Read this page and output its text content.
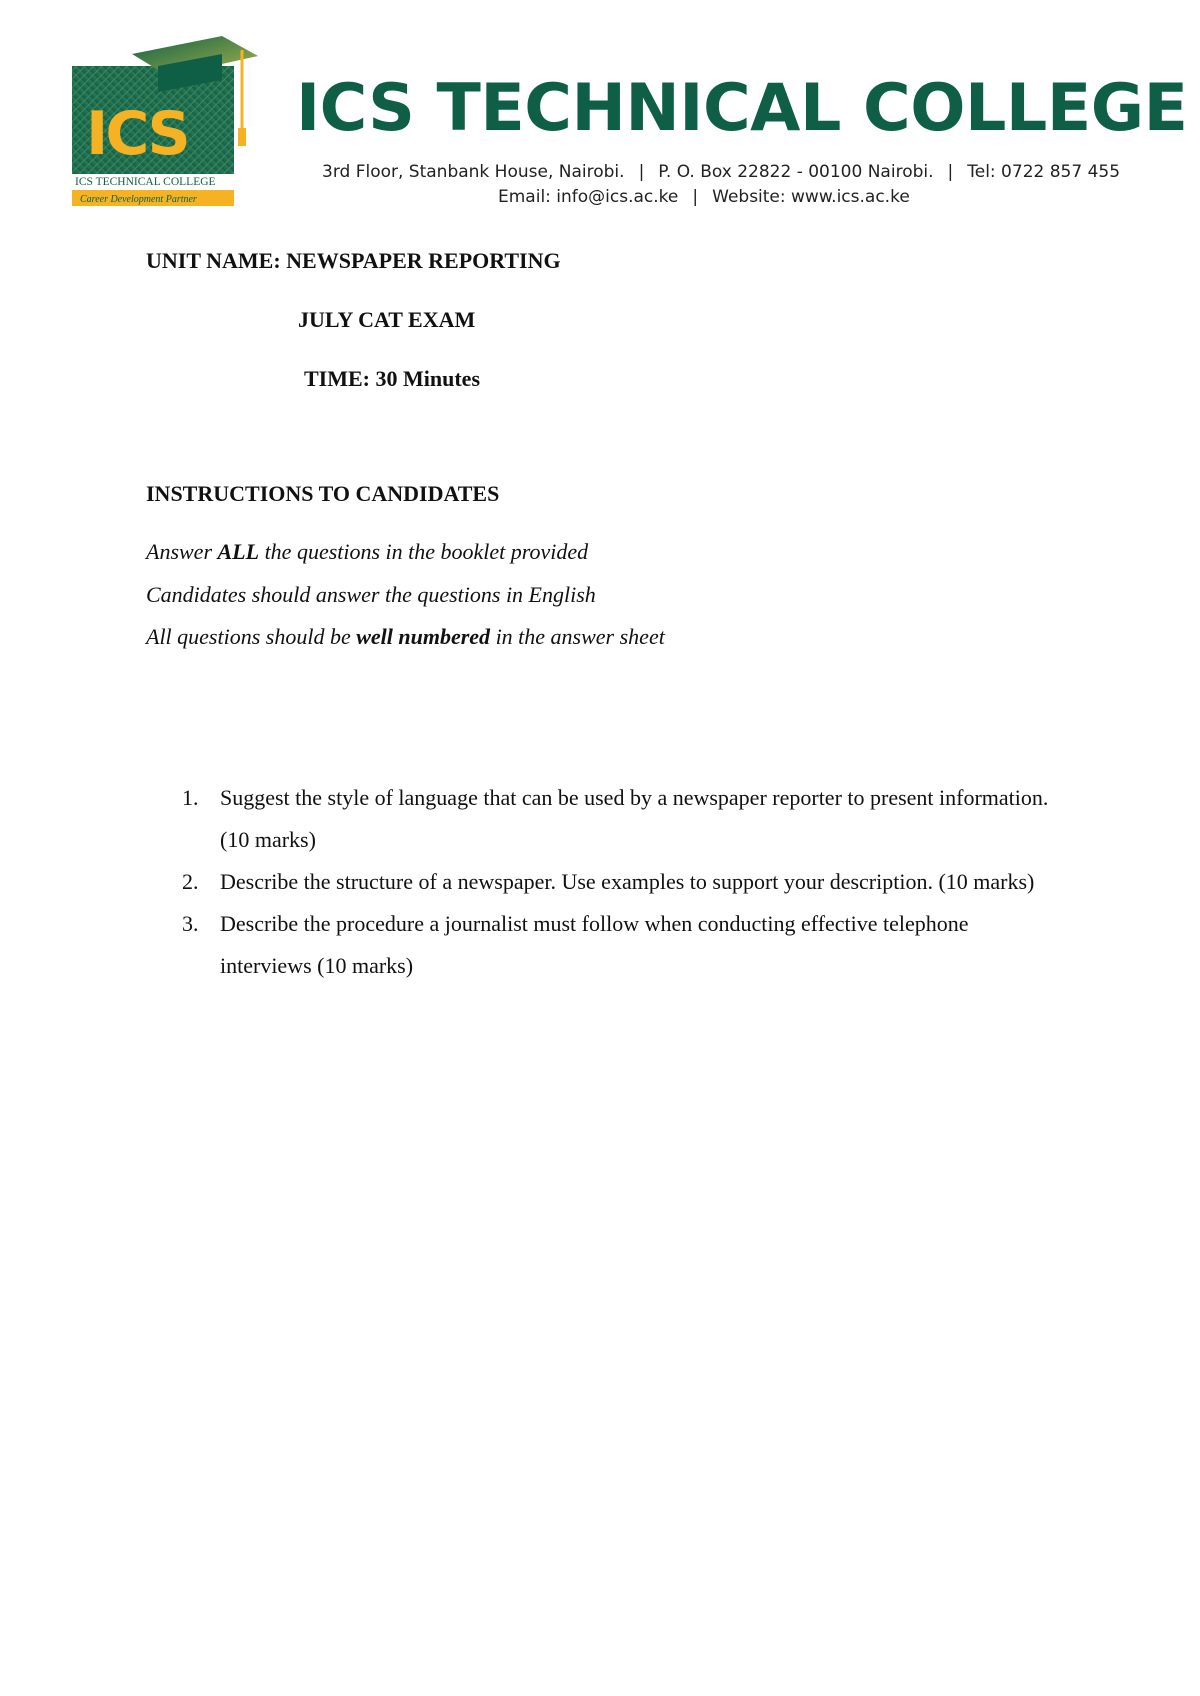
ICS
ICS TECHNICAL COLLEGE
Career Development Partner
ICS TECHNICAL COLLEGE
3rd Floor, Stanbank House, Nairobi. | P. O. Box 22822 - 00100 Nairobi. | Tel: 0722 857 455
Email: info@ics.ac.ke | Website: www.ics.ac.ke
UNIT NAME: NEWSPAPER REPORTING
JULY CAT EXAM
TIME: 30 Minutes
INSTRUCTIONS TO CANDIDATES
Answer ALL the questions in the booklet provided
Candidates should answer the questions in English
All questions should be well numbered in the answer sheet
1. Suggest the style of language that can be used by a newspaper reporter to present information. (10 marks)
2. Describe the structure of a newspaper. Use examples to support your description. (10 marks)
3. Describe the procedure a journalist must follow when conducting effective telephone interviews (10 marks)
